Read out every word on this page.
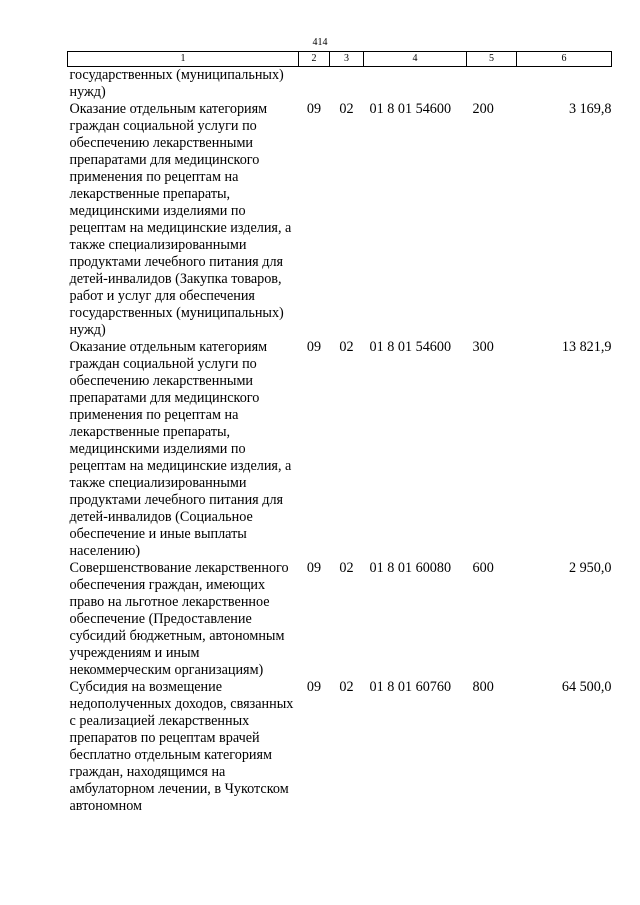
414
1	2	3	4	5	6
государственных (муниципальных) нужд)					
Оказание отдельным категориям граждан социальной услуги по обеспечению лекарственными препаратами для медицинского применения по рецептам на лекарственные препараты, медицинскими изделиями по рецептам на медицинские изделия, а также специализированными продуктами лечебного питания для детей-инвалидов (Закупка товаров, работ и услуг для обеспечения государственных (муниципальных) нужд)	09	02	01 8 01 54600	200	3 169,8
Оказание отдельным категориям граждан социальной услуги по обеспечению лекарственными препаратами для медицинского применения по рецептам на лекарственные препараты, медицинскими изделиями по рецептам на медицинские изделия, а также специализированными продуктами лечебного питания для детей-инвалидов (Социальное обеспечение и иные выплаты населению)	09	02	01 8 01 54600	300	13 821,9
Совершенствование лекарственного обеспечения граждан, имеющих право на льготное лекарственное обеспечение (Предоставление субсидий бюджетным, автономным учреждениям и иным некоммерческим организациям)	09	02	01 8 01 60080	600	2 950,0
Субсидия на возмещение недополученных доходов, связанных с реализацией лекарственных препаратов по рецептам врачей бесплатно отдельным категориям граждан, находящимся на амбулаторном лечении, в Чукотском автономном	09	02	01 8 01 60760	800	64 500,0
